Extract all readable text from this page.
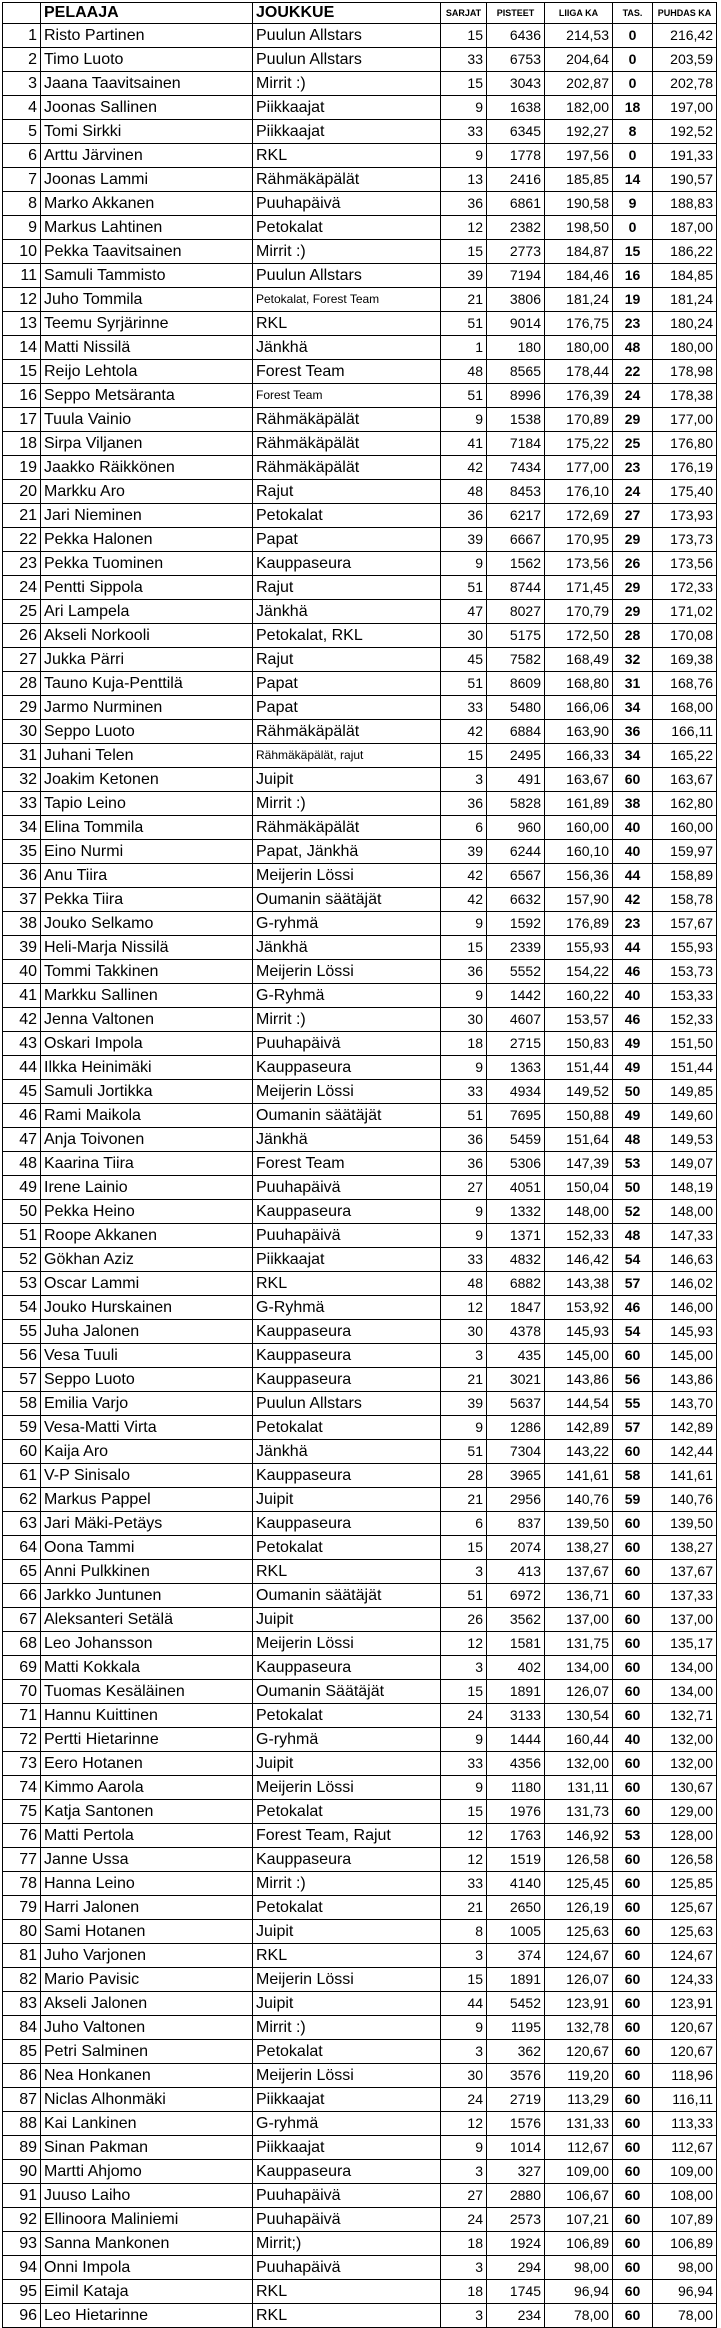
	PELAAJA	JOUKKUE	SARJAT	PISTEET	LIIGA KA	TAS.	PUHDAS KA
1	Risto Partinen	Puulun Allstars	15	6436	214,53	0	216,42
2	Timo Luoto	Puulun Allstars	33	6753	204,64	0	203,59
3	Jaana Taavitsainen	Mirrit :)	15	3043	202,87	0	202,78
4	Joonas Sallinen	Piikkaajat	9	1638	182,00	18	197,00
5	Tomi Sirkki	Piikkaajat	33	6345	192,27	8	192,52
6	Arttu Järvinen	RKL	9	1778	197,56	0	191,33
7	Joonas Lammi	Rähmäkäpälät	13	2416	185,85	14	190,57
8	Marko Akkanen	Puuhapäivä	36	6861	190,58	9	188,83
9	Markus Lahtinen	Petokalat	12	2382	198,50	0	187,00
10	Pekka Taavitsainen	Mirrit :)	15	2773	184,87	15	186,22
11	Samuli Tammisto	Puulun Allstars	39	7194	184,46	16	184,85
12	Juho Tommila	Petokalat, Forest Team	21	3806	181,24	19	181,24
13	Teemu Syrjärinne	RKL	51	9014	176,75	23	180,24
14	Matti Nissilä	Jänkhä	1	180	180,00	48	180,00
15	Reijo Lehtola	Forest Team	48	8565	178,44	22	178,98
16	Seppo Metsäranta	Forest Team	51	8996	176,39	24	178,38
17	Tuula Vainio	Rähmäkäpälät	9	1538	170,89	29	177,00
18	Sirpa Viljanen	Rähmäkäpälät	41	7184	175,22	25	176,80
19	Jaakko Räikkönen	Rähmäkäpälät	42	7434	177,00	23	176,19
20	Markku Aro	Rajut	48	8453	176,10	24	175,40
21	Jari Nieminen	Petokalat	36	6217	172,69	27	173,93
22	Pekka Halonen	Papat	39	6667	170,95	29	173,73
23	Pekka Tuominen	Kauppaseura	9	1562	173,56	26	173,56
24	Pentti Sippola	Rajut	51	8744	171,45	29	172,33
25	Ari Lampela	Jänkhä	47	8027	170,79	29	171,02
26	Akseli Norkooli	Petokalat, RKL	30	5175	172,50	28	170,08
27	Jukka Pärri	Rajut	45	7582	168,49	32	169,38
28	Tauno Kuja-Penttilä	Papat	51	8609	168,80	31	168,76
29	Jarmo Nurminen	Papat	33	5480	166,06	34	168,00
30	Seppo Luoto	Rähmäkäpälät	42	6884	163,90	36	166,11
31	Juhani Telen	Rähmäkäpälät, rajut	15	2495	166,33	34	165,22
32	Joakim Ketonen	Juipit	3	491	163,67	60	163,67
33	Tapio Leino	Mirrit :)	36	5828	161,89	38	162,80
34	Elina Tommila	Rähmäkäpälät	6	960	160,00	40	160,00
35	Eino Nurmi	Papat, Jänkhä	39	6244	160,10	40	159,97
36	Anu Tiira	Meijerin Lössi	42	6567	156,36	44	158,89
37	Pekka Tiira	Oumanin säätäjät	42	6632	157,90	42	158,78
38	Jouko Selkamo	G-ryhmä	9	1592	176,89	23	157,67
39	Heli-Marja Nissilä	Jänkhä	15	2339	155,93	44	155,93
40	Tommi Takkinen	Meijerin Lössi	36	5552	154,22	46	153,73
41	Markku Sallinen	G-Ryhmä	9	1442	160,22	40	153,33
42	Jenna Valtonen	Mirrit :)	30	4607	153,57	46	152,33
43	Oskari Impola	Puuhapäivä	18	2715	150,83	49	151,50
44	Ilkka Heinimäki	Kauppaseura	9	1363	151,44	49	151,44
45	Samuli Jortikka	Meijerin Lössi	33	4934	149,52	50	149,85
46	Rami Maikola	Oumanin säätäjät	51	7695	150,88	49	149,60
47	Anja Toivonen	Jänkhä	36	5459	151,64	48	149,53
48	Kaarina Tiira	Forest Team	36	5306	147,39	53	149,07
49	Irene Lainio	Puuhapäivä	27	4051	150,04	50	148,19
50	Pekka Heino	Kauppaseura	9	1332	148,00	52	148,00
51	Roope Akkanen	Puuhapäivä	9	1371	152,33	48	147,33
52	Gökhan Aziz	Piikkaajat	33	4832	146,42	54	146,63
53	Oscar Lammi	RKL	48	6882	143,38	57	146,02
54	Jouko Hurskainen	G-Ryhmä	12	1847	153,92	46	146,00
55	Juha Jalonen	Kauppaseura	30	4378	145,93	54	145,93
56	Vesa Tuuli	Kauppaseura	3	435	145,00	60	145,00
57	Seppo Luoto	Kauppaseura	21	3021	143,86	56	143,86
58	Emilia Varjo	Puulun Allstars	39	5637	144,54	55	143,70
59	Vesa-Matti Virta	Petokalat	9	1286	142,89	57	142,89
60	Kaija Aro	Jänkhä	51	7304	143,22	60	142,44
61	V-P Sinisalo	Kauppaseura	28	3965	141,61	58	141,61
62	Markus Pappel	Juipit	21	2956	140,76	59	140,76
63	Jari Mäki-Petäys	Kauppaseura	6	837	139,50	60	139,50
64	Oona Tammi	Petokalat	15	2074	138,27	60	138,27
65	Anni Pulkkinen	RKL	3	413	137,67	60	137,67
66	Jarkko Juntunen	Oumanin säätäjät	51	6972	136,71	60	137,33
67	Aleksanteri Setälä	Juipit	26	3562	137,00	60	137,00
68	Leo Johansson	Meijerin Lössi	12	1581	131,75	60	135,17
69	Matti Kokkala	Kauppaseura	3	402	134,00	60	134,00
70	Tuomas Kesäläinen	Oumanin Säätäjät	15	1891	126,07	60	134,00
71	Hannu Kuittinen	Petokalat	24	3133	130,54	60	132,71
72	Pertti Hietarinne	G-ryhmä	9	1444	160,44	40	132,00
73	Eero Hotanen	Juipit	33	4356	132,00	60	132,00
74	Kimmo Aarola	Meijerin Lössi	9	1180	131,11	60	130,67
75	Katja Santonen	Petokalat	15	1976	131,73	60	129,00
76	Matti Pertola	Forest Team, Rajut	12	1763	146,92	53	128,00
77	Janne Ussa	Kauppaseura	12	1519	126,58	60	126,58
78	Hanna Leino	Mirrit :)	33	4140	125,45	60	125,85
79	Harri Jalonen	Petokalat	21	2650	126,19	60	125,67
80	Sami Hotanen	Juipit	8	1005	125,63	60	125,63
81	Juho Varjonen	RKL	3	374	124,67	60	124,67
82	Mario Pavisic	Meijerin Lössi	15	1891	126,07	60	124,33
83	Akseli Jalonen	Juipit	44	5452	123,91	60	123,91
84	Juho Valtonen	Mirrit :)	9	1195	132,78	60	120,67
85	Petri Salminen	Petokalat	3	362	120,67	60	120,67
86	Nea Honkanen	Meijerin Lössi	30	3576	119,20	60	118,96
87	Niclas Alhonmäki	Piikkaajat	24	2719	113,29	60	116,11
88	Kai Lankinen	G-ryhmä	12	1576	131,33	60	113,33
89	Sinan Pakman	Piikkaajat	9	1014	112,67	60	112,67
90	Martti Ahjomo	Kauppaseura	3	327	109,00	60	109,00
91	Juuso Laiho	Puuhapäivä	27	2880	106,67	60	108,00
92	Ellinoora Maliniemi	Puuhapäivä	24	2573	107,21	60	107,89
93	Sanna Mankonen	Mirrit;)	18	1924	106,89	60	106,89
94	Onni Impola	Puuhapäivä	3	294	98,00	60	98,00
95	Eimil Kataja	RKL	18	1745	96,94	60	96,94
96	Leo Hietarinne	RKL	3	234	78,00	60	78,00
